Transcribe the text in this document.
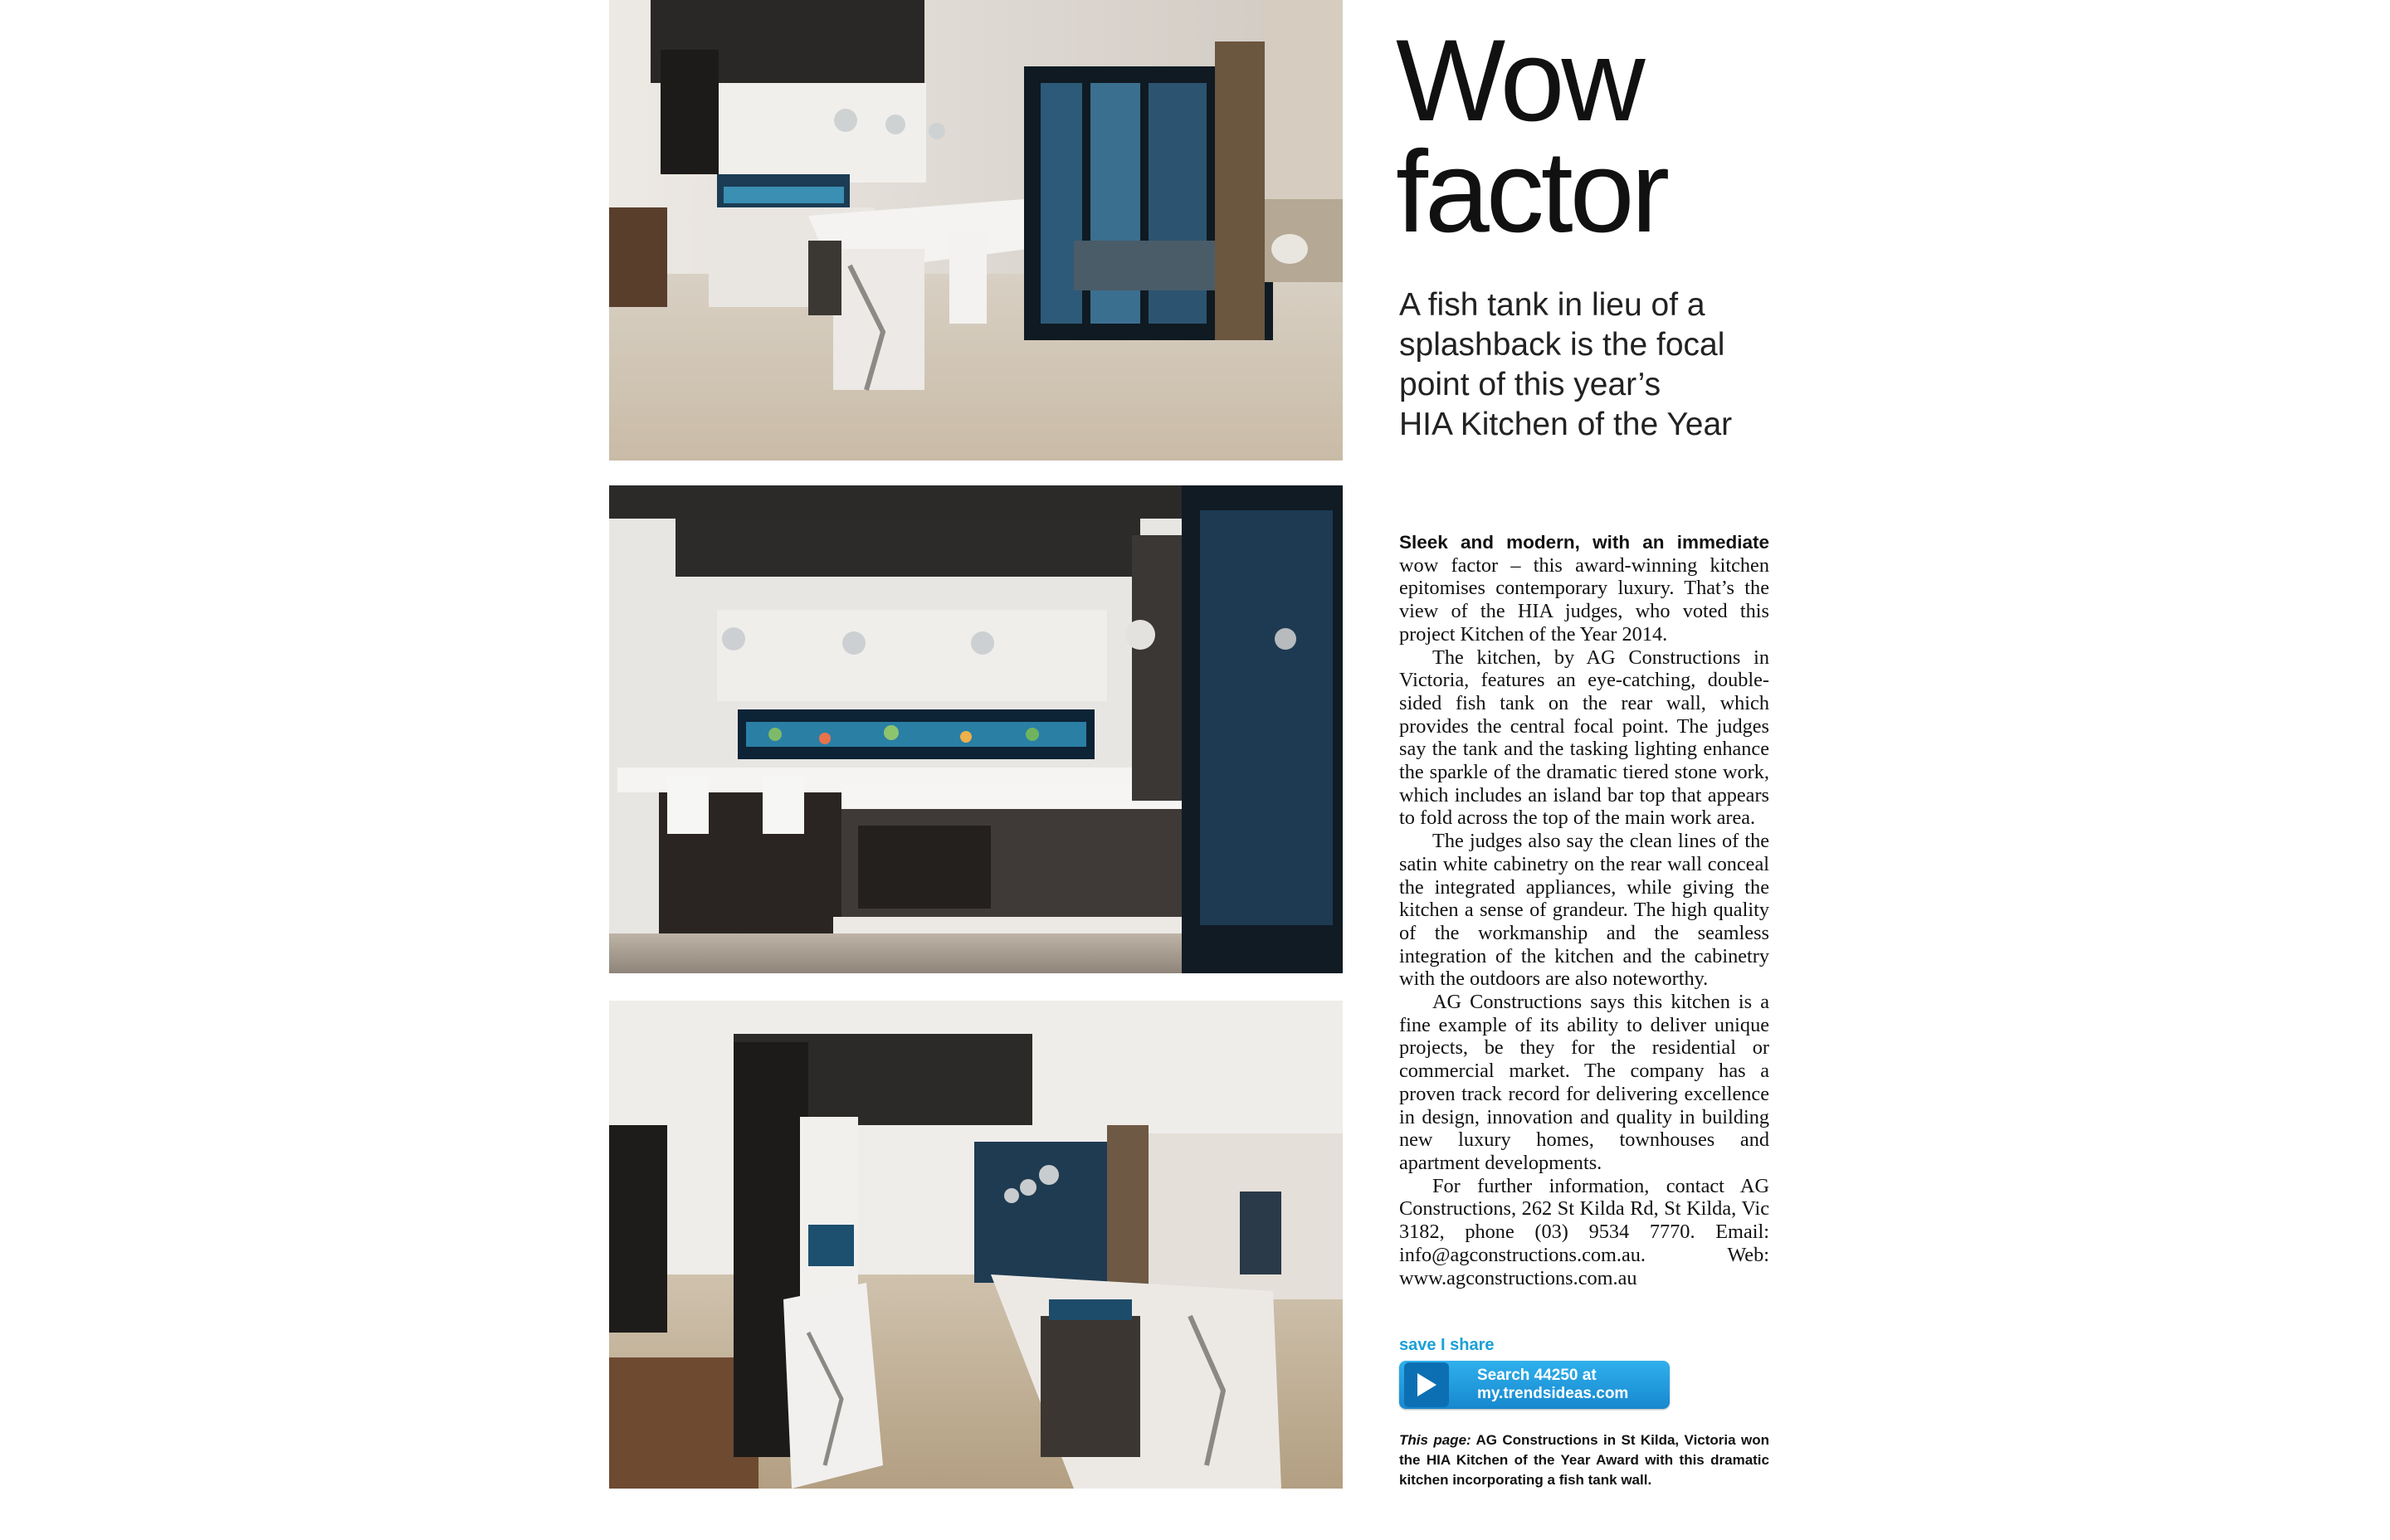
Wow
factor

A fish tank in lieu of a
splashback is the focal
point of this year’s
HIA Kitchen of the Year

Sleek and modern, with an immediate wow factor – this award-winning kitchen epitomises contemporary luxury. That’s the view of the HIA judges, who voted this project Kitchen of the Year 2014.

The kitchen, by AG Constructions in Victoria, features an eye-catching, double-sided fish tank on the rear wall, which provides the central focal point. The judges say the tank and the tasking lighting enhance the sparkle of the dramatic tiered stone work, which includes an island bar top that appears to fold across the top of the main work area.

The judges also say the clean lines of the satin white cabinetry on the rear wall conceal the integrated appliances, while giving the kitchen a sense of grandeur. The high quality of the workmanship and the seamless integration of the kitchen and the cabinetry with the outdoors are also noteworthy.

AG Constructions says this kitchen is a fine example of its ability to deliver unique projects, be they for the residential or commercial market. The company has a proven track record for delivering excellence in design, innovation and quality in building new luxury homes, townhouses and apartment developments.

For further information, contact AG Constructions, 262 St Kilda Rd, St Kilda, Vic 3182, phone (03) 9534 7770. Email: info@agconstructions.com.au. Web: www.agconstructions.com.au

save I share
Search 44250 at
my.trendsideas.com
This page: AG Constructions in St Kilda, Victoria won the HIA Kitchen of the Year Award with this dramatic kitchen incorporating a fish tank wall.
